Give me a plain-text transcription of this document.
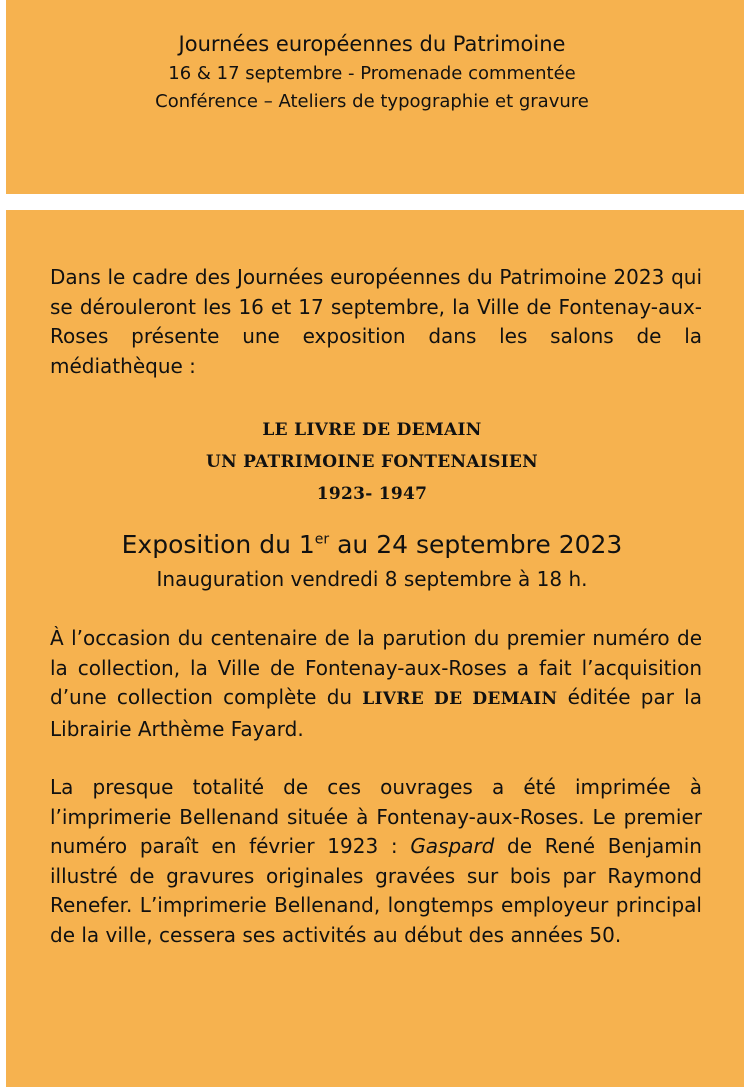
Journées européennes du Patrimoine
16 & 17 septembre - Promenade commentée
Conférence – Ateliers de typographie et gravure
Dans le cadre des Journées européennes du Patrimoine 2023 qui se dérouleront les 16 et 17 septembre, la Ville de Fontenay-aux-Roses présente une exposition dans les salons de la médiathèque :
LE LIVRE DE DEMAIN
UN PATRIMOINE FONTENAISIEN
1923- 1947
Exposition du 1er au 24 septembre 2023
Inauguration vendredi 8 septembre à 18 h.
À l’occasion du centenaire de la parution du premier numéro de la collection, la Ville de Fontenay-aux-Roses a fait l’acquisition d’une collection complète du LIVRE DE DEMAIN éditée par la Librairie Arthème Fayard.
La presque totalité de ces ouvrages a été imprimée à l’imprimerie Bellenand située à Fontenay-aux-Roses. Le premier numéro paraît en février 1923 : Gaspard de René Benjamin illustré de gravures originales gravées sur bois par Raymond Renefer. L’imprimerie Bellenand, longtemps employeur principal de la ville, cessera ses activités au début des années 50.
